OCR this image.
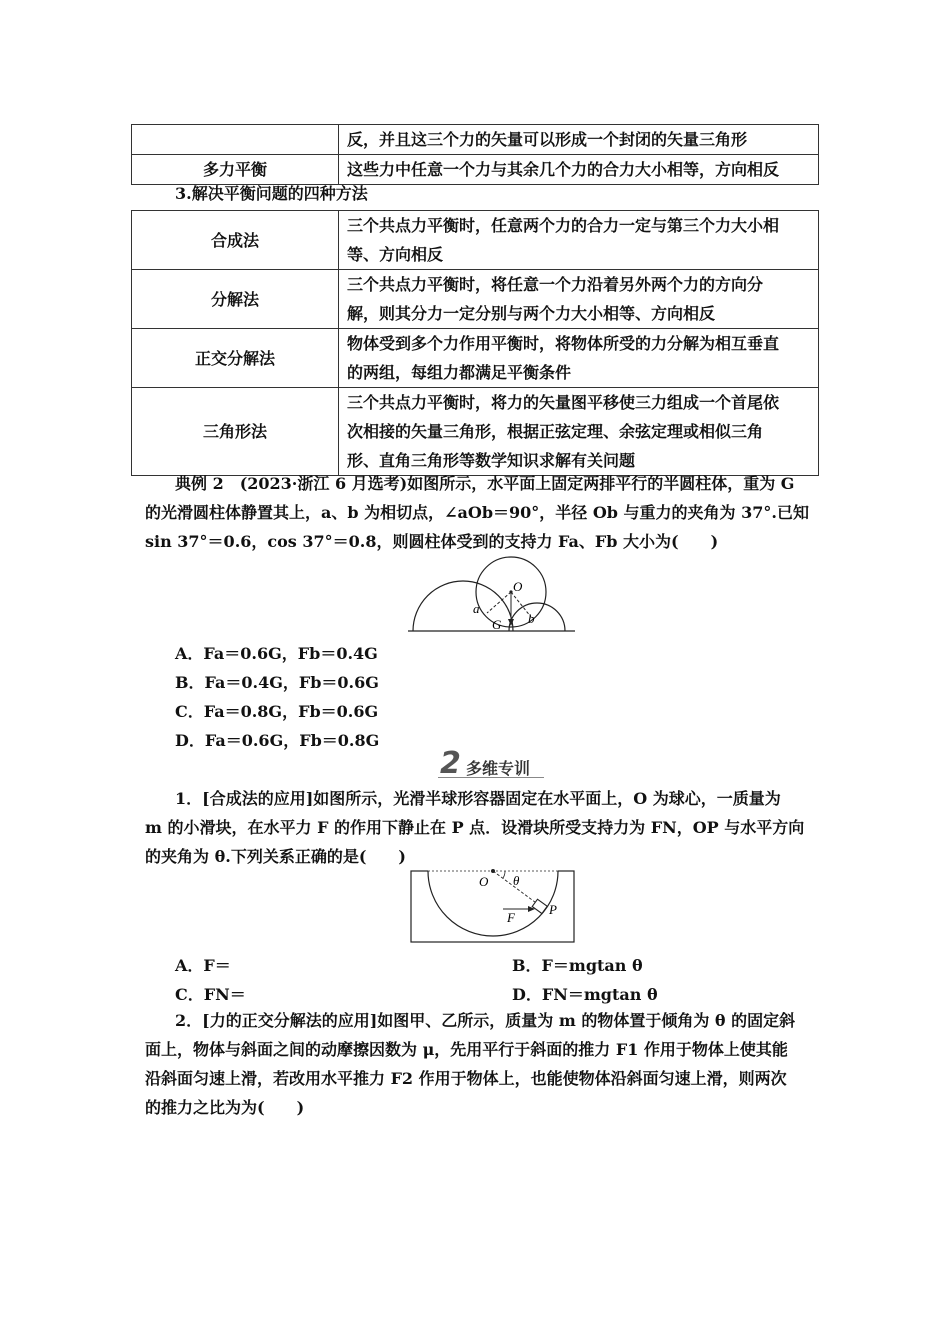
	反，并且这三个力的矢量可以形成一个封闭的矢量三角形
多力平衡	这些力中任意一个力与其余几个力的合力大小相等，方向相反
3.解决平衡问题的四种方法
合成法	三个共点力平衡时，任意两个力的合力一定与第三个力大小相
等、方向相反

分解法	三个共点力平衡时，将任意一个力沿着另外两个力的方向分
解，则其分力一定分别与两个力大小相等、方向相反

正交分解法	物体受到多个力作用平衡时，将物体所受的力分解为相互垂直
的两组，每组力都满足平衡条件

三角形法	三个共点力平衡时，将力的矢量图平移使三力组成一个首尾依
次相接的矢量三角形，根据正弦定理、余弦定理或相似三角
形、直角三角形等数学知识求解有关问题
典例 2　(2023·浙江 6 月选考)如图所示，水平面上固定两排平行的半圆柱体，重为 G
的光滑圆柱体静置其上，a、b 为相切点，∠aOb＝90°，半径 Ob 与重力的夹角为 37°.已知
sin 37°＝0.6，cos 37°＝0.8，则圆柱体受到的支持力 Fa、Fb 大小为(　　)
O
a
b
G
A．Fa＝0.6G，Fb＝0.4G
B．Fa＝0.4G，Fb＝0.6G
C．Fa＝0.8G，Fb＝0.6G
D．Fa＝0.6G，Fb＝0.8G
2 多维专训
1．[合成法的应用]如图所示，光滑半球形容器固定在水平面上，O 为球心，一质量为
m 的小滑块，在水平力 F 的作用下静止在 P 点．设滑块所受支持力为 FN，OP 与水平方向
的夹角为 θ.下列关系正确的是(　　)
O θ
F
P
A．F＝	B．F＝mgtan θ
C．FN＝	D．FN＝mgtan θ
2．[力的正交分解法的应用]如图甲、乙所示，质量为 m 的物体置于倾角为 θ 的固定斜
面上，物体与斜面之间的动摩擦因数为 μ，先用平行于斜面的推力 F1 作用于物体上使其能
沿斜面匀速上滑，若改用水平推力 F2 作用于物体上，也能使物体沿斜面匀速上滑，则两次
的推力之比为为(　　)
